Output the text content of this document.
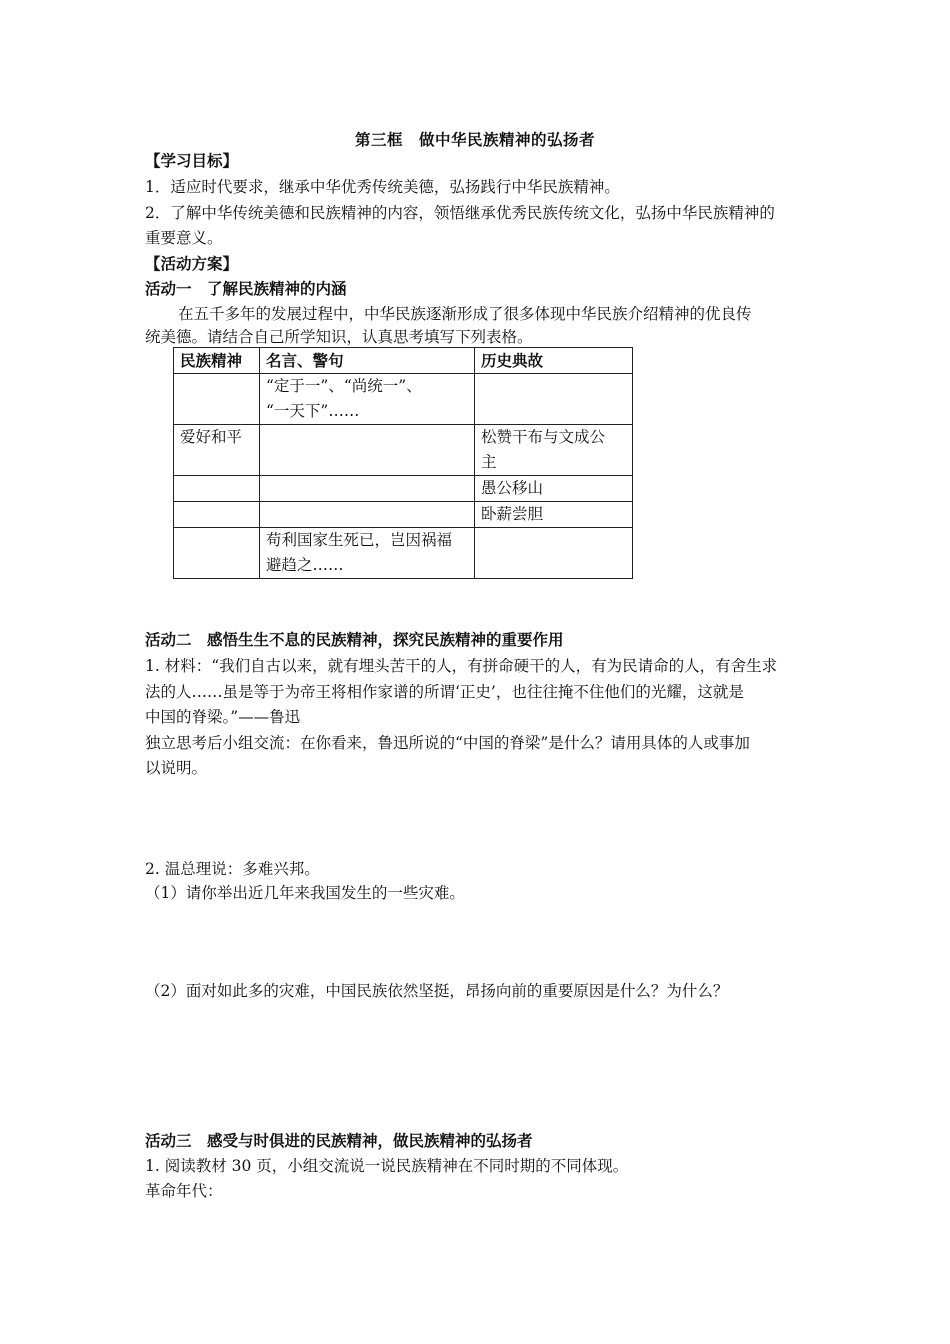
第三框　做中华民族精神的弘扬者
【学习目标】
1．适应时代要求，继承中华优秀传统美德，弘扬践行中华民族精神。
2．了解中华传统美德和民族精神的内容，领悟继承优秀民族传统文化，弘扬中华民族精神的
重要意义。
【活动方案】
活动一　了解民族精神的内涵
在五千多年的发展过程中，中华民族逐渐形成了很多体现中华民族介绍精神的优良传
统美德。请结合自己所学知识，认真思考填写下列表格。
民族精神	名言、警句	历史典故

	“定于一”、“尚统一”、
“一天下”……	

爱好和平		松赞干布与文成公
主

		愚公移山
		卧薪尝胆

	苟利国家生死已，岂因祸福
避趋之……	

活动二　感悟生生不息的民族精神，探究民族精神的重要作用
1. 材料：“我们自古以来，就有埋头苦干的人，有拼命硬干的人，有为民请命的人，有舍生求
法的人……虽是等于为帝王将相作家谱的所谓‘正史’，也往往掩不住他们的光耀，这就是
中国的脊梁。”——鲁迅
独立思考后小组交流：在你看来，鲁迅所说的“中国的脊梁”是什么？请用具体的人或事加
以说明。
2. 温总理说：多难兴邦。
（1）请你举出近几年来我国发生的一些灾难。
（2）面对如此多的灾难，中国民族依然坚挺，昂扬向前的重要原因是什么？为什么？
活动三　感受与时俱进的民族精神，做民族精神的弘扬者
1. 阅读教材 30 页，小组交流说一说民族精神在不同时期的不同体现。
革命年代：
